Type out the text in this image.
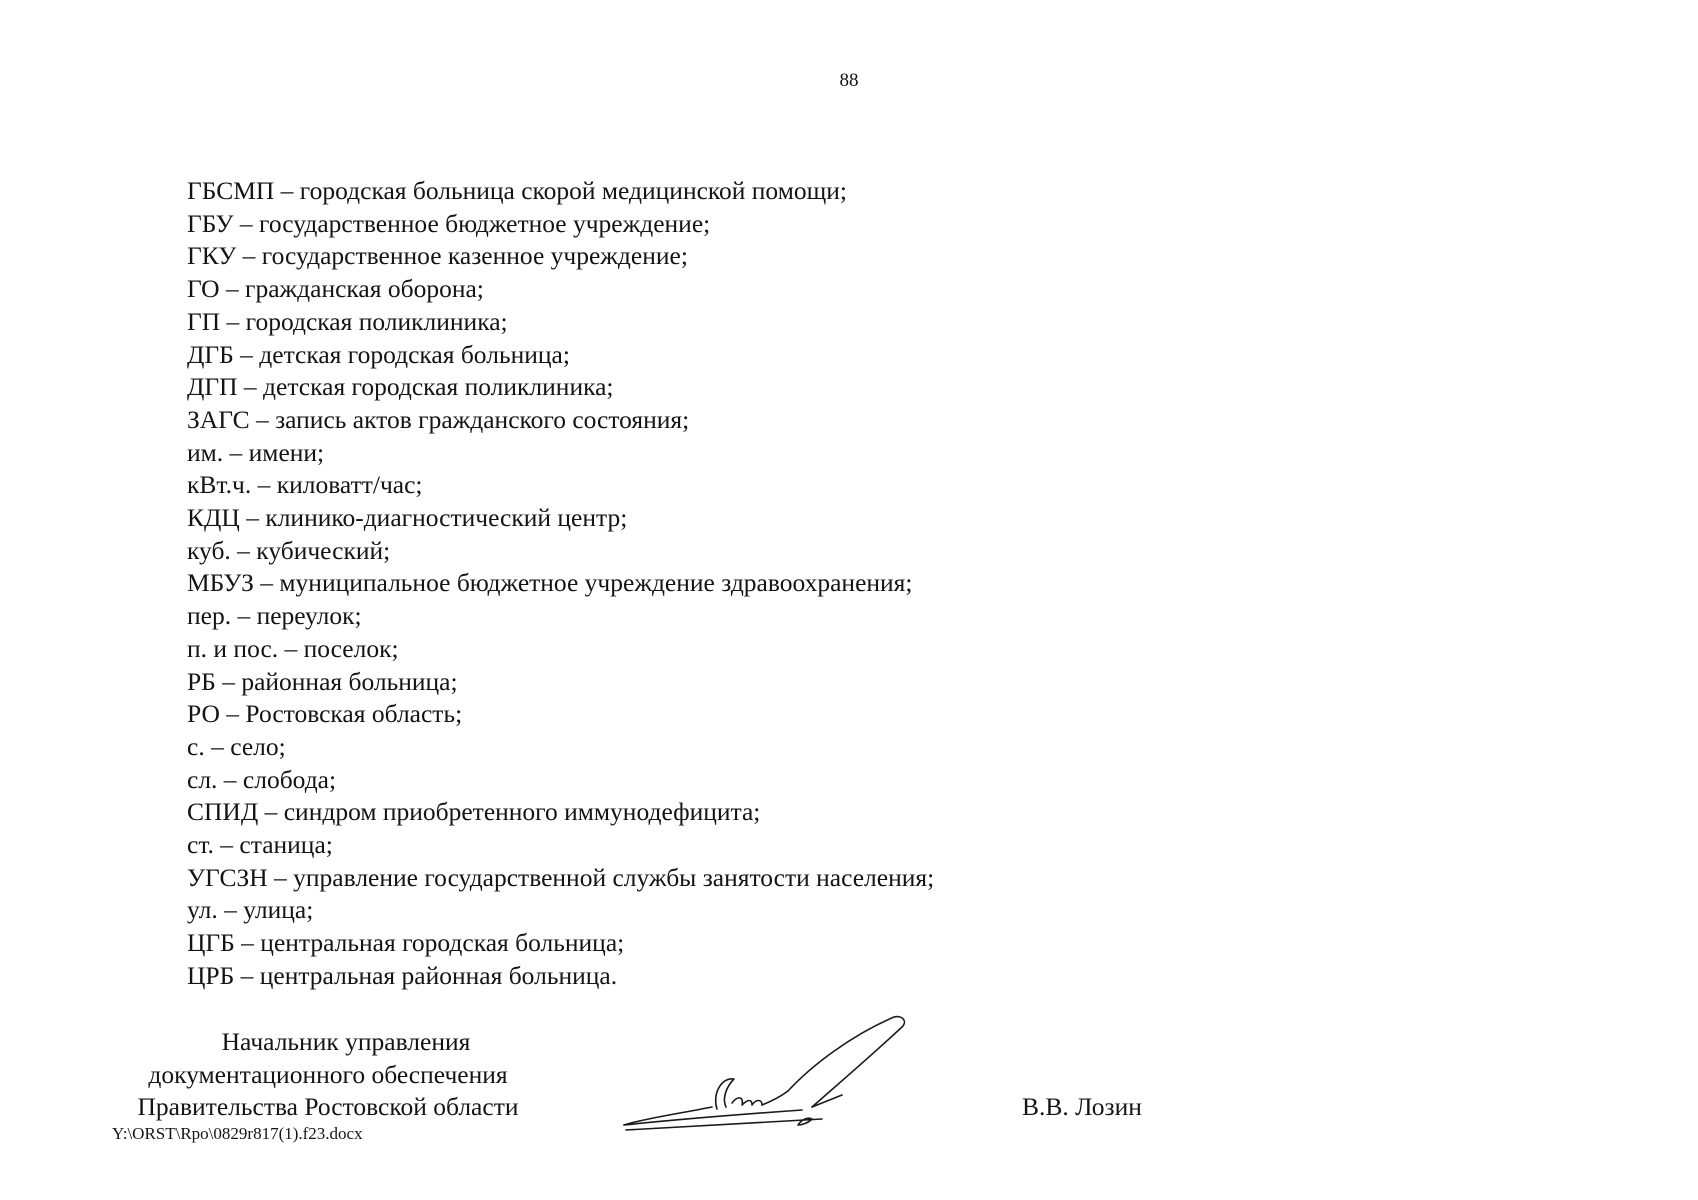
88
ГБСМП – городская больница скорой медицинской помощи;
ГБУ – государственное бюджетное учреждение;
ГКУ – государственное казенное учреждение;
ГО – гражданская оборона;
ГП – городская поликлиника;
ДГБ – детская городская больница;
ДГП – детская городская поликлиника;
ЗАГС – запись актов гражданского состояния;
им. – имени;
кВт.ч. – киловатт/час;
КДЦ – клинико-диагностический центр;
куб. – кубический;
МБУЗ – муниципальное бюджетное учреждение здравоохранения;
пер. – переулок;
п. и пос. – поселок;
РБ – районная больница;
РО – Ростовская область;
с. – село;
сл. – слобода;
СПИД – синдром приобретенного иммунодефицита;
ст. – станица;
УГСЗН – управление государственной службы занятости населения;
ул. – улица;
ЦГБ – центральная городская больница;
ЦРБ – центральная районная больница.
Начальник управления
документационного обеспечения
Правительства Ростовской области	В.В. Лозин
Y:\ORST\Rpo\0829r817(1).f23.docx
